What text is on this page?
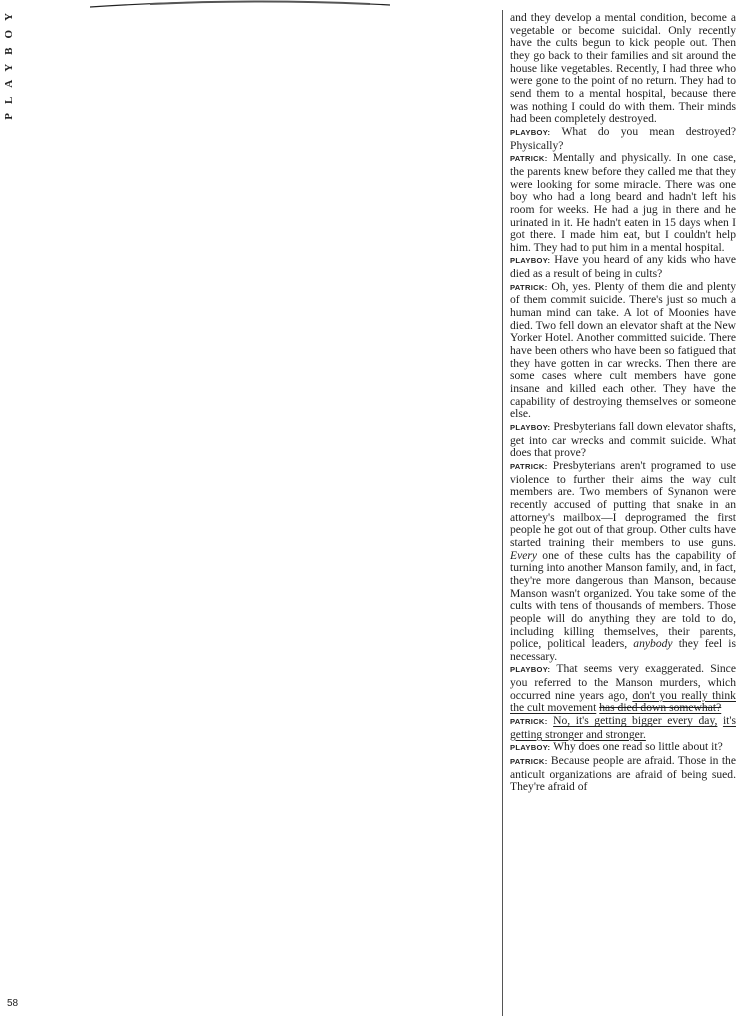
PLAYBOY	and they develop a mental condition, become a vegetable or become suicidal. Only recently have the cults begun to kick people out. Then they go back to their families and sit around the house like vegetables. Recently, I had three who were gone to the point of no return. They had to send them to a mental hospital, because there was nothing I could do with them. Their minds had been completely destroyed.

PLAYBOY: What do you mean destroyed? Physically?

PATRICK: Mentally and physically. In one case, the parents knew before they called me that they were looking for some miracle. There was one boy who had a long beard and hadn't left his room for weeks. He had a jug in there and he urinated in it. He hadn't eaten in 15 days when I got there. I made him eat, but I couldn't help him. They had to put him in a mental hospital.

PLAYBOY: Have you heard of any kids who have died as a result of being in cults?

PATRICK: Oh, yes. Plenty of them die and plenty of them commit suicide. There's just so much a human mind can take. A lot of Moonies have died. Two fell down an elevator shaft at the New Yorker Hotel. Another committed suicide. There have been others who have been so fatigued that they have gotten in car wrecks. Then there are some cases where cult members have gone insane and killed each other. They have the capability of destroying themselves or someone else.

PLAYBOY: Presbyterians fall down elevator shafts, get into car wrecks and commit suicide. What does that prove?

PATRICK: Presbyterians aren't programed to use violence to further their aims the way cult members are. Two members of Synanon were recently accused of putting that snake in an attorney's mailbox—I deprogramed the first people he got out of that group. Other cults have started training their members to use guns. Every one of these cults has the capability of turning into another Manson family, and, in fact, they're more dangerous than Manson, because Manson wasn't organized. You take some of the cults with tens of thousands of members. Those people will do anything they are told to do, including killing themselves, their parents, police, political leaders, anybody they feel is necessary.

PLAYBOY: That seems very exaggerated. Since you referred to the Manson murders, which occurred nine years ago, don't you really think the cult movement has died down somewhat?

PATRICK: No, it's getting bigger every day, it's getting stronger and stronger.

PLAYBOY: Why does one read so little about it?

PATRICK: Because people are afraid. Those in the anticult organizations are afraid of being sued. They're afraid of

58
